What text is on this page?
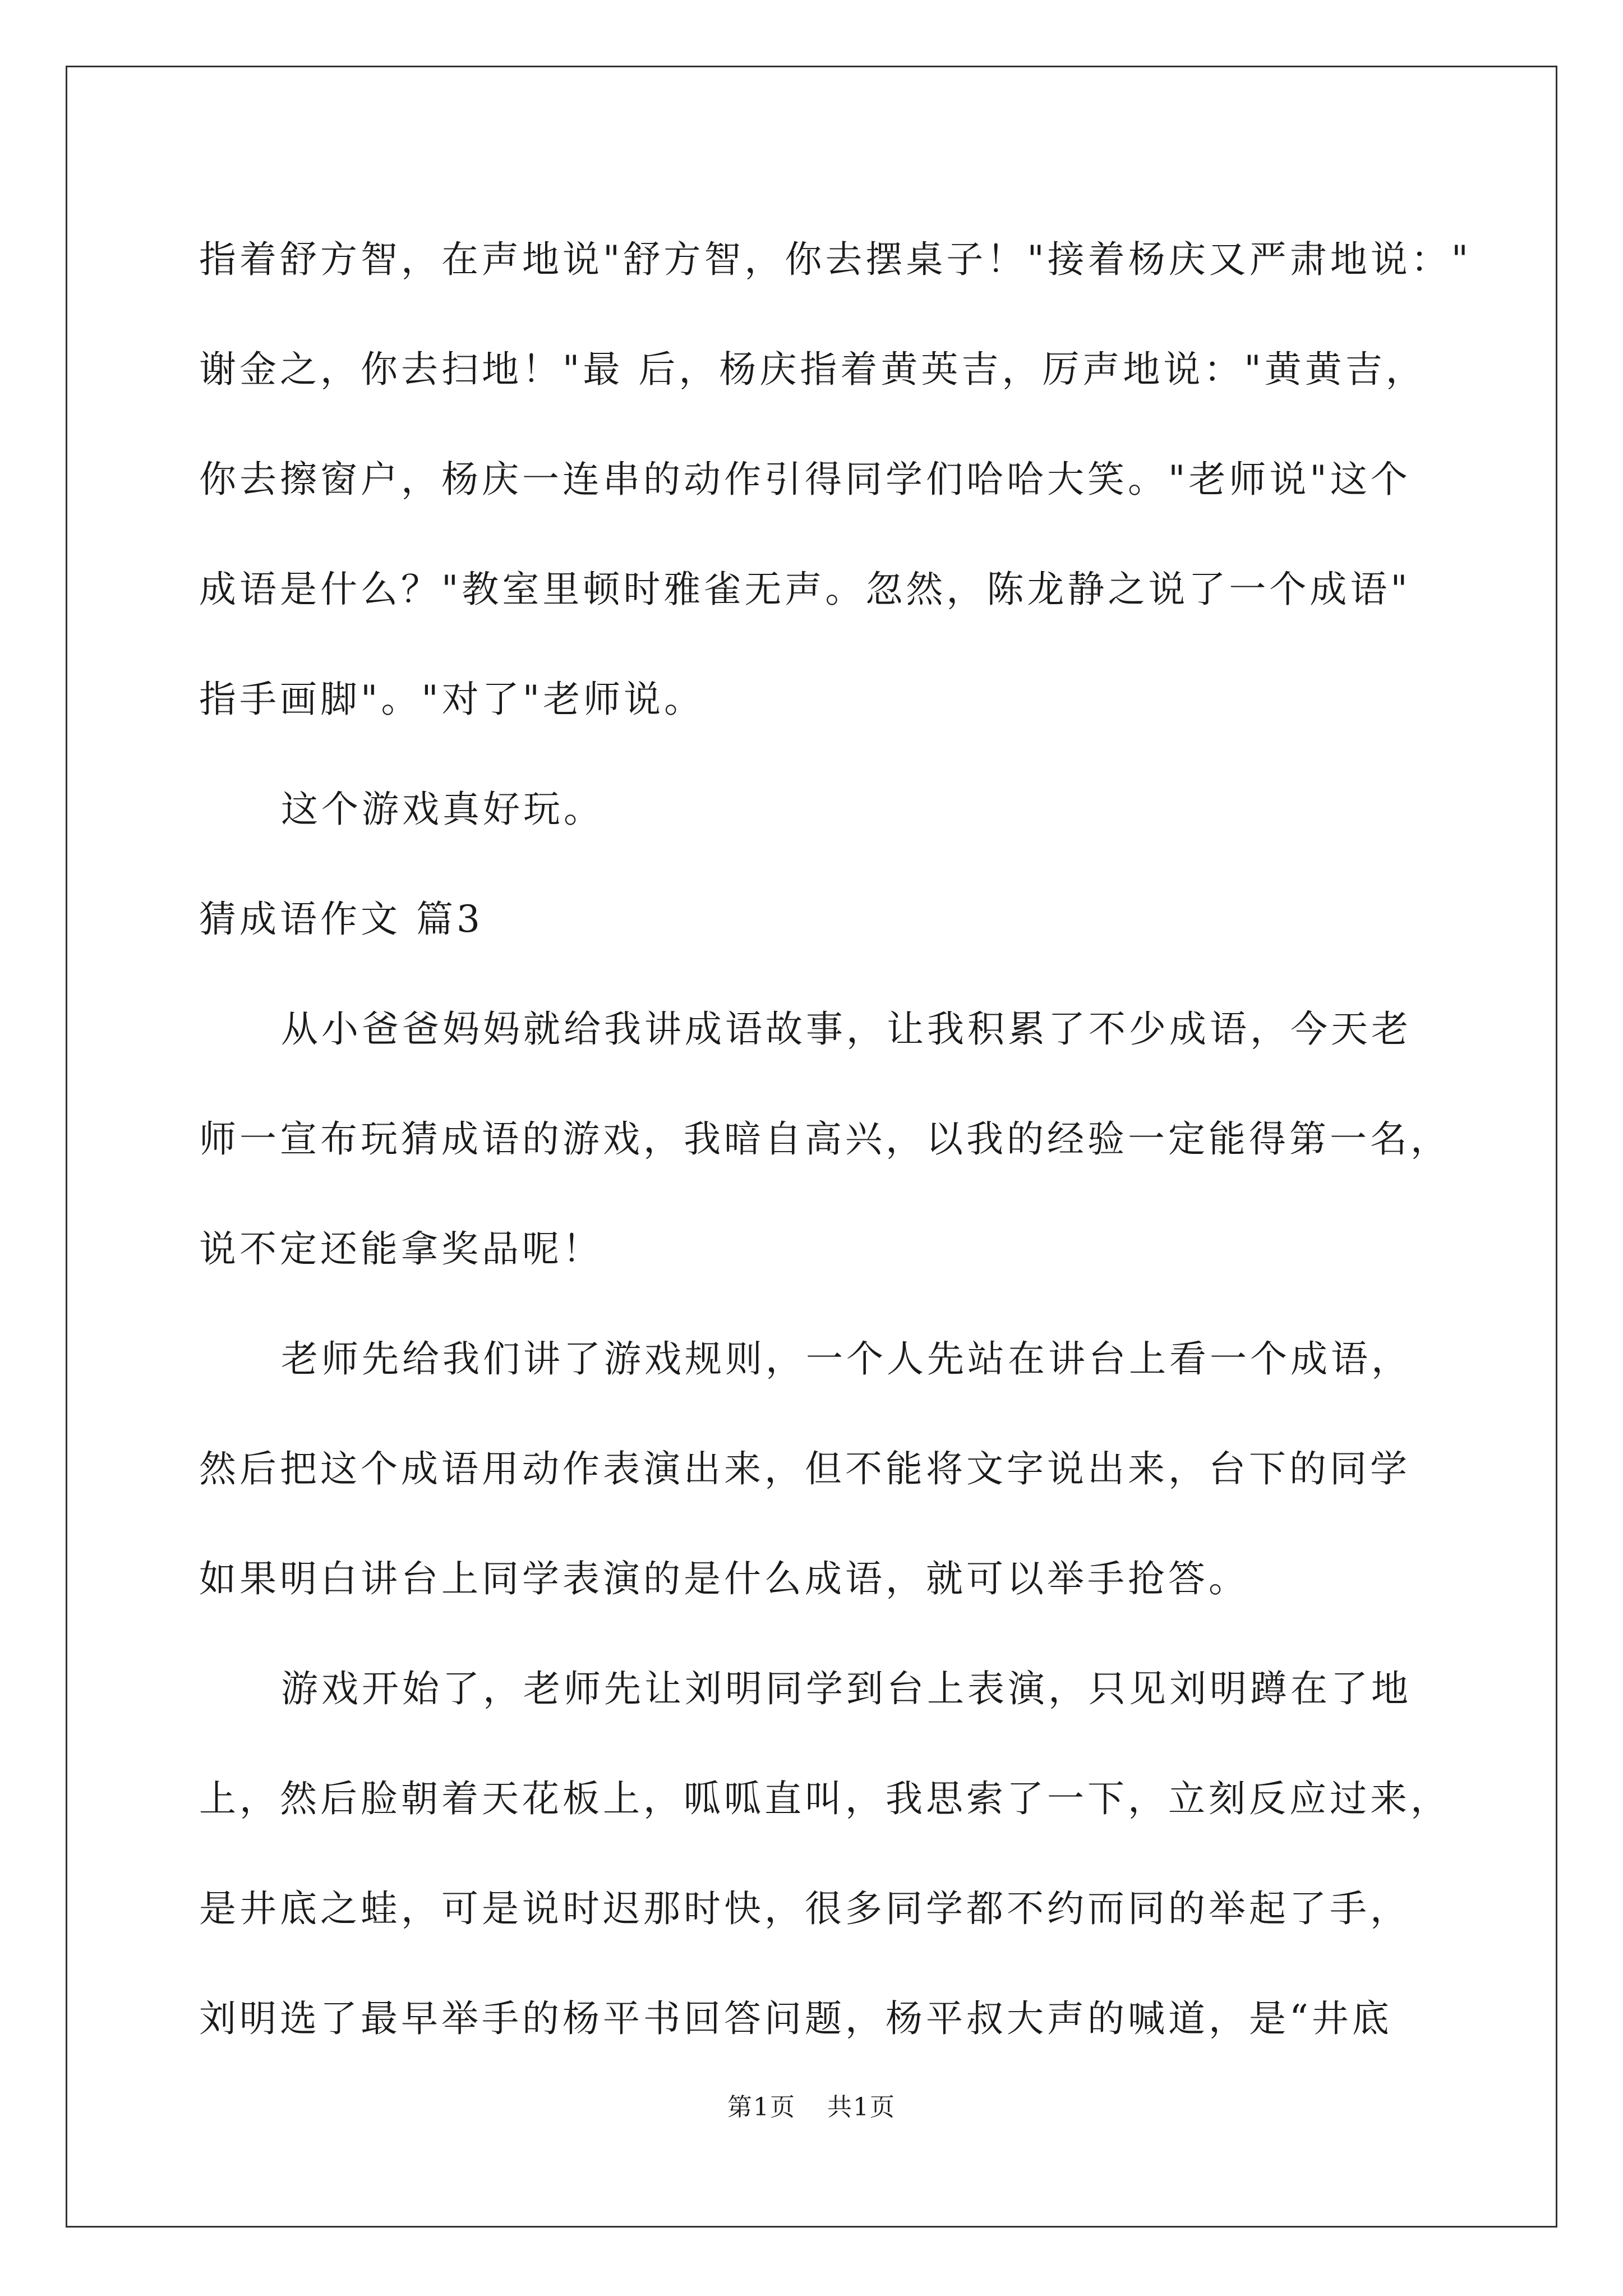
指着舒方智，在声地说"舒方智，你去摆桌子！"接着杨庆又严肃地说："
谢金之，你去扫地！"最 后，杨庆指着黄英吉，厉声地说："黄黄吉，
你去擦窗户，杨庆一连串的动作引得同学们哈哈大笑。"老师说"这个
成语是什么？"教室里顿时雅雀无声。忽然，陈龙静之说了一个成语"
指手画脚"。"对了"老师说。
这个游戏真好玩。
猜成语作文 篇3
从小爸爸妈妈就给我讲成语故事，让我积累了不少成语，今天老
师一宣布玩猜成语的游戏，我暗自高兴，以我的经验一定能得第一名，
说不定还能拿奖品呢！
老师先给我们讲了游戏规则，一个人先站在讲台上看一个成语，
然后把这个成语用动作表演出来，但不能将文字说出来，台下的同学
如果明白讲台上同学表演的是什么成语，就可以举手抢答。
游戏开始了，老师先让刘明同学到台上表演，只见刘明蹲在了地
上，然后脸朝着天花板上，呱呱直叫，我思索了一下，立刻反应过来，
是井底之蛙，可是说时迟那时快，很多同学都不约而同的举起了手，
刘明选了最早举手的杨平书回答问题，杨平叔大声的喊道，是“井底
第1页 共1页
